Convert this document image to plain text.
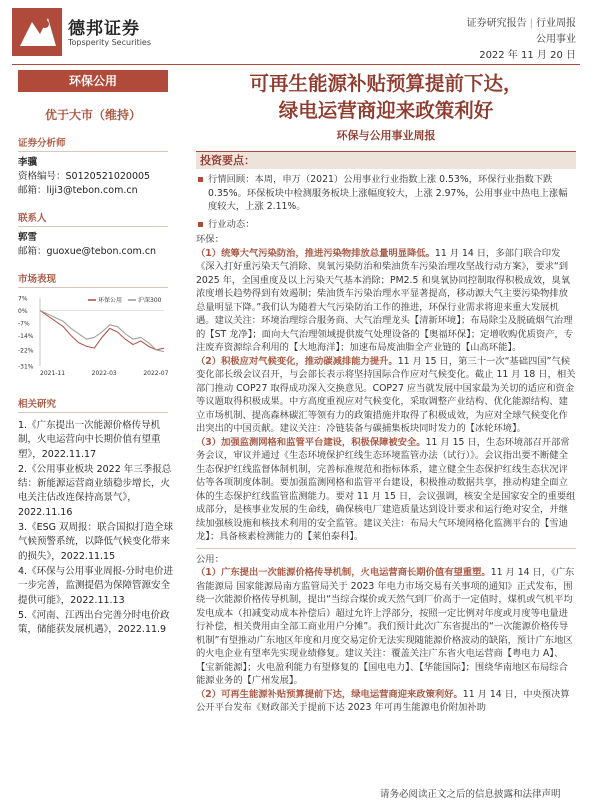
德邦证券
Topsperity Securities
证券研究报告 | 行业周报
公用事业
2022 年 11 月 20 日
环保公用
优于大市（维持）
证券分析师
李骥
资格编号：S0120521020005
邮箱：liji3@tebon.com.cn
联系人
郭雪
邮箱：guoxue@tebon.com.cn
市场表现
7%
0%
-7%
-14%
-22%
-31%
2021-11	2022-03	2022-07
环保公用	沪深300
相关研究
1.《广东提出一次能源价格传导机制，火电运营向中长期价值有望重塑》，2022.11.17
2.《公用事业板块 2022 年三季报总结：新能源运营商业绩稳步增长，火电关注估改连保持高景气》，2022.11.16
3.《ESG 双周报：联合国拟打造全球气候预警系统，以降低气候变化带来的损失》，2022.11.15
4.《环保与公用事业周报-分时电价进一步完善，监测提倡为保障管源安全提供可能》，2022.11.13
5.《河南、江西出台完善分时电价政策，储能获发展机遇》，2022.11.9
可再生能源补贴预算提前下达，
绿电运营商迎来政策利好
环保与公用事业周报
投资要点：
行情回顾：本周，申万（2021）公用事业行业指数上涨 0.53%，环保行业指数下跌 0.35%。环保板块中检测服务板块上涨幅度较大，上涨 2.97%，公用事业中热电上涨幅度较大，上涨 2.11%。
行业动态：
环保：
（1）统筹大气污染防治，推进污染物排放总量明显降低。11 月 14 日，多部门联合印发《深入打好重污染天气消除、臭氧污染防治和柴油货车污染治理攻坚战行动方案》，要求“到 2025 年，全国重度及以上污染天气基本消除；PM2.5 和臭氧协同控制取得积极成效，臭氧浓度增长趋势得到有效遏制；柴油货车污染治理水平显著提高，移动源大气主要污染物排放总量明显下降。”我们认为随着大气污染防治工作的推进，环保行业需求将迎来重大发展机遇。建议关注：环境治理综合服务商、大气治理龙头【清新环境】；布局除尘及脱硫烟气治理的【ST 龙净】；面向大气治理领域提供废气处理设备的【奥福环保】；定增收购优质资产，专注废弃资源综合利用的【大地海洋】；加速布局废油脂全产业链的【山高环能】。
（2）积极应对气候变化，推动碳减排能力提升。11 月 15 日，第三十一次“基础四国”气候变化部长级会议召开，与会部长表示将坚持国际合作应对气候变化。截止 11 月 18 日，相关部门推动 COP27 取得成功深入交换意见。COP27 应当就发展中国家最为关切的适应和资金等议题取得积极成果。中方高度重视应对气候变化，采取调整产业结构、优化能源结构、建立市场机制、提高森林碳汇等领有力的政策措施并取得了积极成效，为应对全球气候变化作出突出的中国贡献。建议关注：冷链装备与碳捕集板块同时发力的【冰轮环境】。
（3）加强监测网格和监管平台建设，积极保障被安全。11 月 15 日，生态环境部召开部常务会议，审议并通过《生态环境保护红线生态环境监管办法（试行）》。会议指出要不断健全生态保护红线监督体制机制，完善标准规范和指标体系，建立健全生态保护红线生态状况评估等各项制度体制。要加强监测网格和监管平台建设，积极推动数据共享，推动构建全面立体的生态保护红线监管监测能力。要对 11 月 15 日，会议强调，核安全是国家安全的重要组成部分，是核事业发展的生命线，确保核电厂建造质量达到设计要求和运行绝对安全，并继续加强核设施和核技术利用的安全监管。建议关注：布局大气环境网格化监测平台的【雪迪龙】；具备核素检测能力的【莱伯泰科】。
公用：
（1）广东提出一次能源价格传导机制，火电运营商长期价值有望重塑。11 月 14 日，《广东省能源局 国家能源局南方监管局关于 2023 年电力市场交易有关事项的通知》正式发布，围绕一次能源价格传导机制，提出“当综合煤价或天然气到厂价高于一定值时，煤机或气机平均发电成本（扣减变动成本补偿后）超过允许上浮部分，按照一定比例对年度或月度等电量进行补偿，相关费用由全部工商业用户分摊”。我们预计此次广东省提出的“一次能源价格传导机制”有望推动广东地区年度和月度交易定价无法实现随能源价格波动的缺陷，预计广东地区的火电企业有望率先实现业绩修复。建议关注：覆盖关注广东省火电运营商【粤电力 A】、【宝新能源】；火电盈利能力有望修复的【国电电力】、【华能国际】；围绕华南地区布局综合能源业务的【广州发展】。
（2）可再生能源补贴预算提前下达，绿电运营商迎来政策利好。11 月 14 日，中央预决算公开平台发布《财政部关于提前下达 2023 年可再生能源电价附加补助
请务必阅读正文之后的信息披露和法律声明
